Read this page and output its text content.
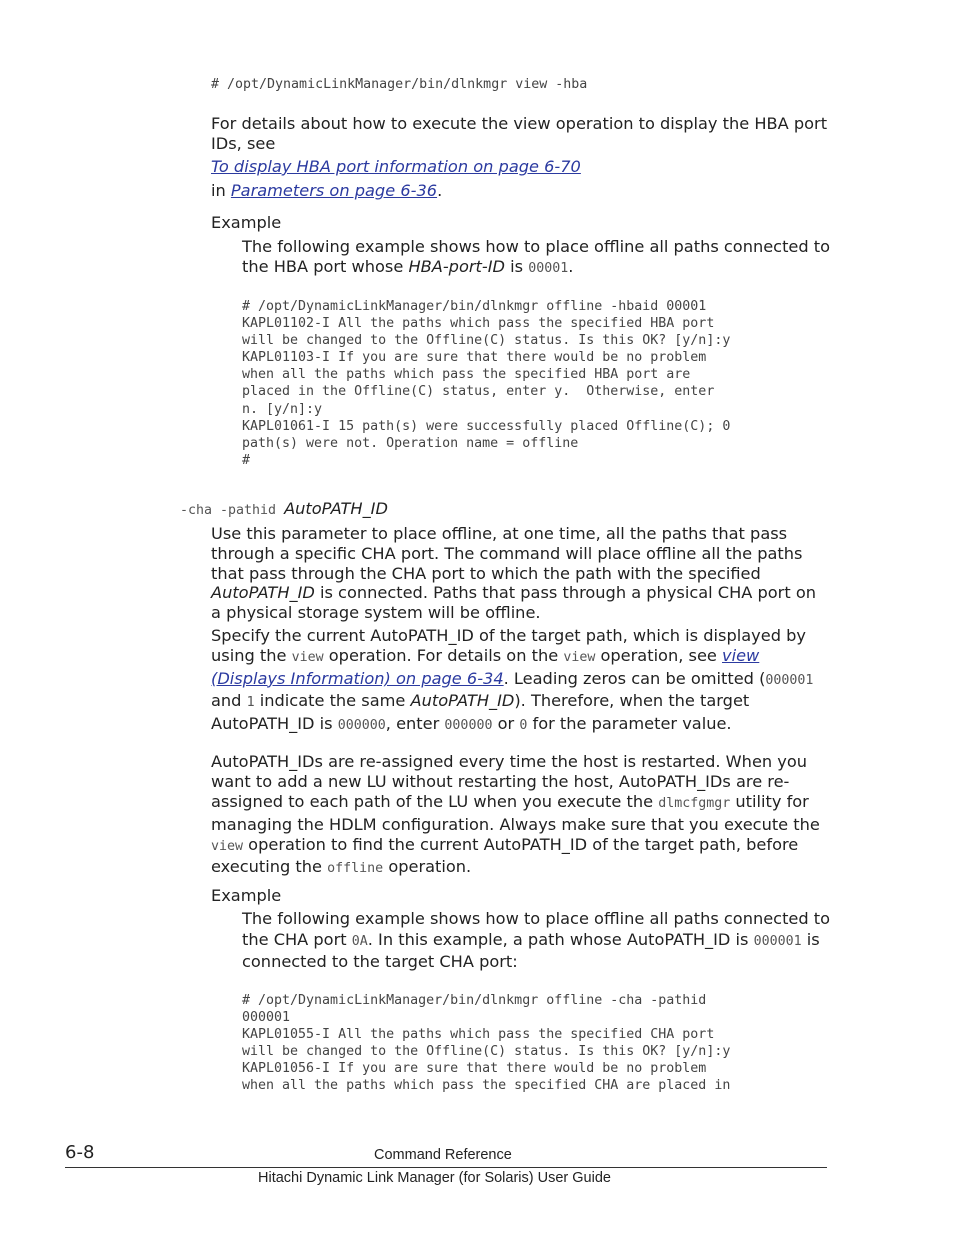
# /opt/DynamicLinkManager/bin/dlnkmgr view -hba

For details about how to execute the view operation to display the HBA port IDs, see

To display HBA port information on page 6-70

in Parameters on page 6-36.

Example

The following example shows how to place offline all paths connected to the HBA port whose HBA-port-ID is 00001.

# /opt/DynamicLinkManager/bin/dlnkmgr offline -hbaid 00001
KAPL01102-I All the paths which pass the specified HBA port
will be changed to the Offline(C) status. Is this OK? [y/n]:y
KAPL01103-I If you are sure that there would be no problem
when all the paths which pass the specified HBA port are
placed in the Offline(C) status, enter y.  Otherwise, enter
n. [y/n]:y
KAPL01061-I 15 path(s) were successfully placed Offline(C); 0
path(s) were not. Operation name = offline
#

-cha -pathid AutoPATH_ID

Use this parameter to place offline, at one time, all the paths that pass through a specific CHA port. The command will place offline all the paths that pass through the CHA port to which the path with the specified AutoPATH_ID is connected. Paths that pass through a physical CHA port on a physical storage system will be offline.

Specify the current AutoPATH_ID of the target path, which is displayed by using the view operation. For details on the view operation, see view (Displays Information) on page 6-34. Leading zeros can be omitted (000001 and 1 indicate the same AutoPATH_ID). Therefore, when the target AutoPATH_ID is 000000, enter 000000 or 0 for the parameter value.

AutoPATH_IDs are re-assigned every time the host is restarted. When you want to add a new LU without restarting the host, AutoPATH_IDs are re-assigned to each path of the LU when you execute the dlmcfgmgr utility for managing the HDLM configuration. Always make sure that you execute the view operation to find the current AutoPATH_ID of the target path, before executing the offline operation.

Example

The following example shows how to place offline all paths connected to the CHA port 0A. In this example, a path whose AutoPATH_ID is 000001 is connected to the target CHA port:

# /opt/DynamicLinkManager/bin/dlnkmgr offline -cha -pathid
000001
KAPL01055-I All the paths which pass the specified CHA port
will be changed to the Offline(C) status. Is this OK? [y/n]:y
KAPL01056-I If you are sure that there would be no problem
when all the paths which pass the specified CHA are placed in
6-8	Command Reference
Hitachi Dynamic Link Manager (for Solaris) User Guide
